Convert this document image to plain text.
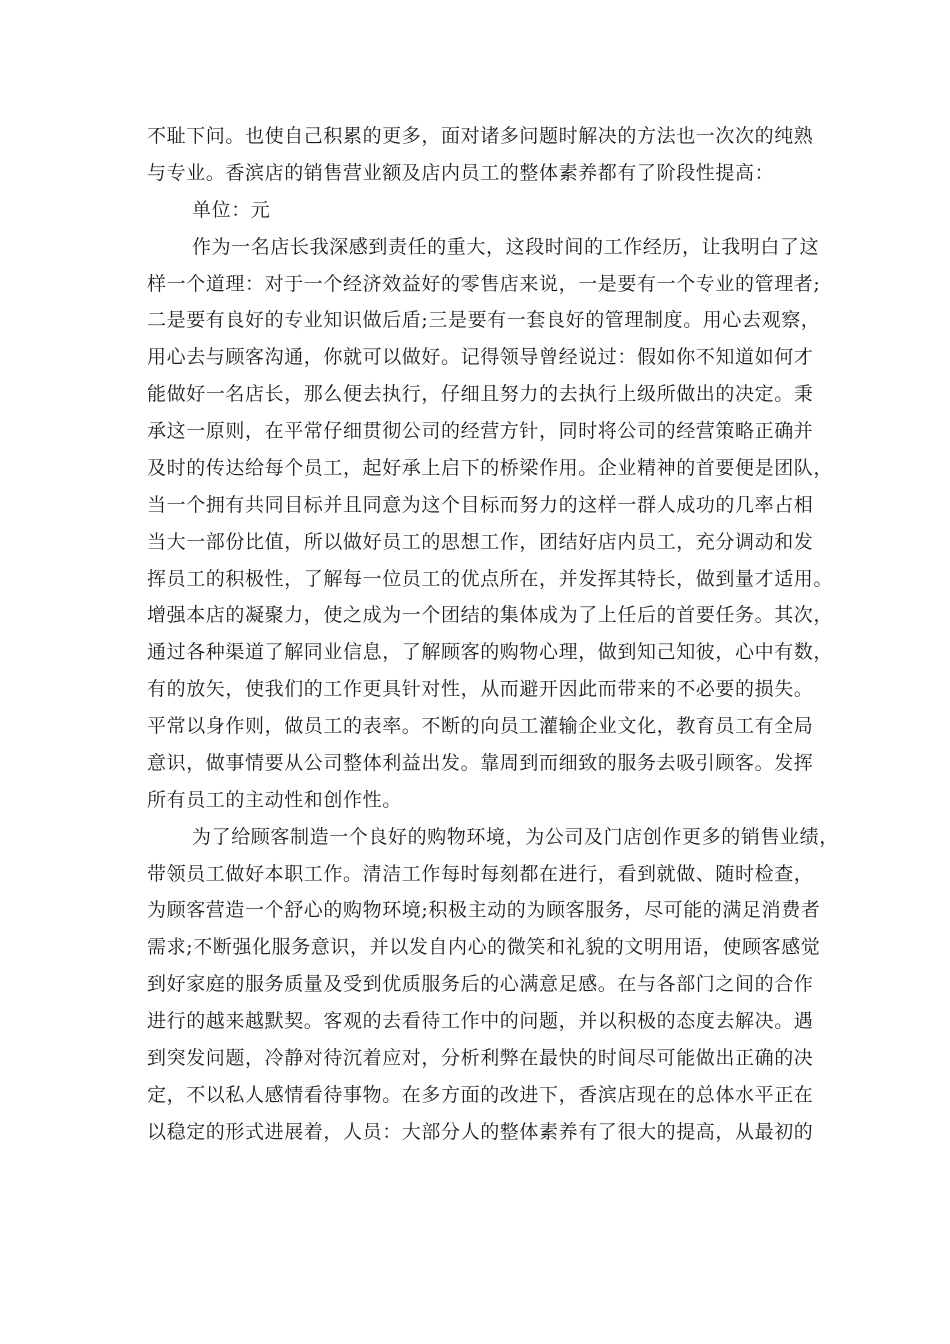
不耻下问。也使自己积累的更多，面对诸多问题时解决的方法也一次次的纯熟
与专业。香滨店的销售营业额及店内员工的整体素养都有了阶段性提高：
单位：元
作为一名店长我深感到责任的重大，这段时间的工作经历，让我明白了这
样一个道理：对于一个经济效益好的零售店来说，一是要有一个专业的管理者;
二是要有良好的专业知识做后盾;三是要有一套良好的管理制度。用心去观察，
用心去与顾客沟通，你就可以做好。记得领导曾经说过：假如你不知道如何才
能做好一名店长，那么便去执行，仔细且努力的去执行上级所做出的决定。秉
承这一原则，在平常仔细贯彻公司的经营方针，同时将公司的经营策略正确并
及时的传达给每个员工，起好承上启下的桥梁作用。企业精神的首要便是团队，
当一个拥有共同目标并且同意为这个目标而努力的这样一群人成功的几率占相
当大一部份比值，所以做好员工的思想工作，团结好店内员工，充分调动和发
挥员工的积极性，了解每一位员工的优点所在，并发挥其特长，做到量才适用。
增强本店的凝聚力，使之成为一个团结的集体成为了上任后的首要任务。其次，
通过各种渠道了解同业信息，了解顾客的购物心理，做到知己知彼，心中有数，
有的放矢，使我们的工作更具针对性，从而避开因此而带来的不必要的损失。
平常以身作则，做员工的表率。不断的向员工灌输企业文化，教育员工有全局
意识，做事情要从公司整体利益出发。靠周到而细致的服务去吸引顾客。发挥
所有员工的主动性和创作性。
为了给顾客制造一个良好的购物环境，为公司及门店创作更多的销售业绩，
带领员工做好本职工作。清洁工作每时每刻都在进行，看到就做、随时检查，
为顾客营造一个舒心的购物环境;积极主动的为顾客服务，尽可能的满足消费者
需求;不断强化服务意识，并以发自内心的微笑和礼貌的文明用语，使顾客感觉
到好家庭的服务质量及受到优质服务后的心满意足感。在与各部门之间的合作
进行的越来越默契。客观的去看待工作中的问题，并以积极的态度去解决。遇
到突发问题，冷静对待沉着应对，分析利弊在最快的时间尽可能做出正确的决
定，不以私人感情看待事物。在多方面的改进下，香滨店现在的总体水平正在
以稳定的形式进展着，人员：大部分人的整体素养有了很大的提高，从最初的
